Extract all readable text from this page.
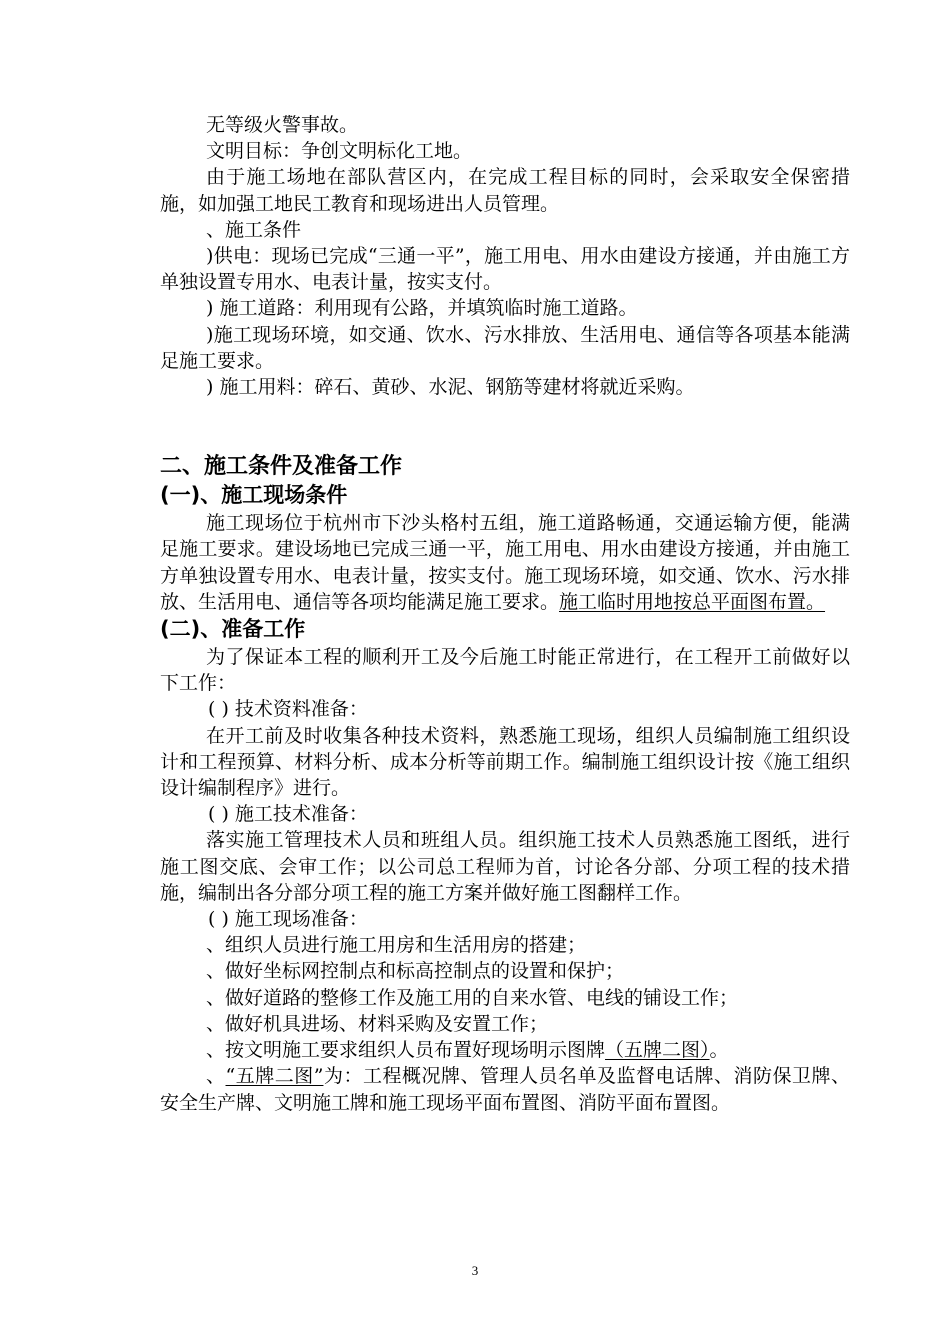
无等级火警事故。

文明目标：争创文明标化工地。

由于施工场地在部队营区内，在完成工程目标的同时，会采取安全保密措施，如加强工地民工教育和现场进出人员管理。

、施工条件

)供电：现场已完成“三通一平”，施工用电、用水由建设方接通，并由施工方单独设置专用水、电表计量，按实支付。

) 施工道路：利用现有公路，并填筑临时施工道路。

)施工现场环境，如交通、饮水、污水排放、生活用电、通信等各项基本能满足施工要求。

) 施工用料：碎石、黄砂、水泥、钢筋等建材将就近采购。

二、施工条件及准备工作
(一)、施工现场条件

施工现场位于杭州市下沙头格村五组，施工道路畅通，交通运输方便，能满足施工要求。建设场地已完成三通一平，施工用电、用水由建设方接通，并由施工方单独设置专用水、电表计量，按实支付。施工现场环境，如交通、饮水、污水排放、生活用电、通信等各项均能满足施工要求。施工临时用地按总平面图布置。

(二)、准备工作

为了保证本工程的顺利开工及今后施工时能正常进行，在工程开工前做好以下工作：

( ) 技术资料准备：

在开工前及时收集各种技术资料，熟悉施工现场，组织人员编制施工组织设计和工程预算、材料分析、成本分析等前期工作。编制施工组织设计按《施工组织设计编制程序》进行。

( ) 施工技术准备：

落实施工管理技术人员和班组人员。组织施工技术人员熟悉施工图纸，进行施工图交底、会审工作；以公司总工程师为首，讨论各分部、分项工程的技术措施，编制出各分部分项工程的施工方案并做好施工图翻样工作。

( ) 施工现场准备：

、组织人员进行施工用房和生活用房的搭建；

、做好坐标网控制点和标高控制点的设置和保护；

、做好道路的整修工作及施工用的自来水管、电线的铺设工作；

、做好机具进场、材料采购及安置工作；

、按文明施工要求组织人员布置好现场明示图牌（五牌二图）。

、“五牌二图”为：工程概况牌、管理人员名单及监督电话牌、消防保卫牌、安全生产牌、文明施工牌和施工现场平面布置图、消防平面布置图。

3
